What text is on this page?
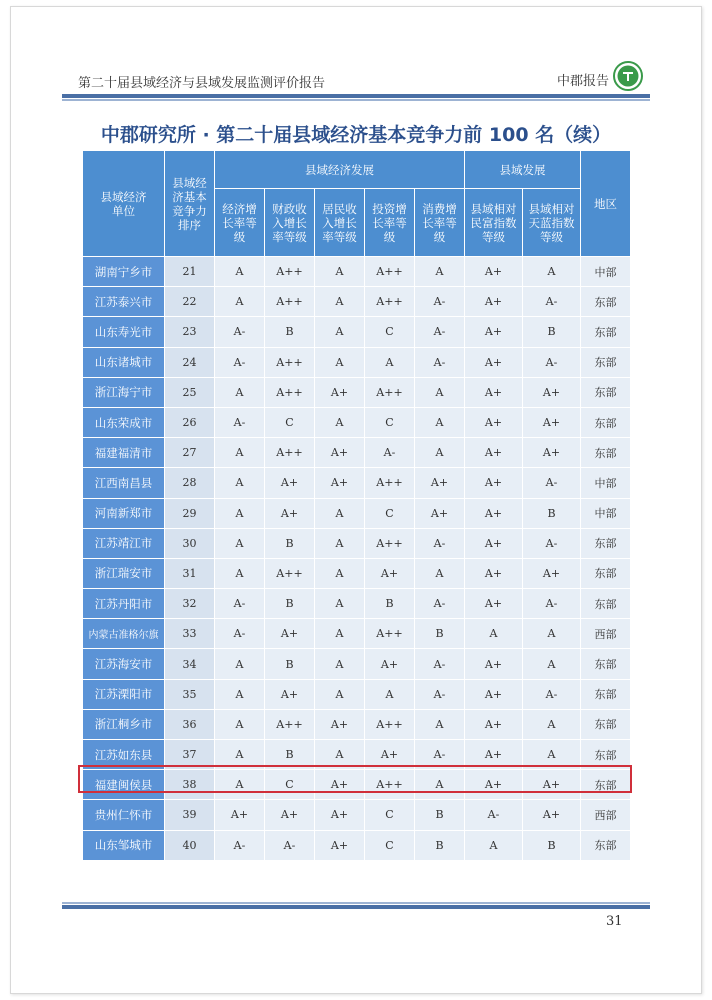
第二十届县域经济与县域发展监测评价报告	中郡报告
中郡研究所 · 第二十届县域经济基本竞争力前 100 名（续）
县域经济单位	县域经济基本竞争力排序	县域经济发展					县域发展		地区
		经济增长率等级	财政收入增长率等级	居民收入增长率等级	投资增长率等级	消费增长率等级	县域相对民富指数等级	县域相对天蓝指数等级	
湖南宁乡市	21	A	A++	A	A++	A	A+	A	中部
江苏泰兴市	22	A	A++	A	A++	A-	A+	A-	东部
山东寿光市	23	A-	B	A	C	A-	A+	B	东部
山东诸城市	24	A-	A++	A	A	A-	A+	A-	东部
浙江海宁市	25	A	A++	A+	A++	A	A+	A+	东部
山东荣成市	26	A-	C	A	C	A	A+	A+	东部
福建福清市	27	A	A++	A+	A-	A	A+	A+	东部
江西南昌县	28	A	A+	A+	A++	A+	A+	A-	中部
河南新郑市	29	A	A+	A	C	A+	A+	B	中部
江苏靖江市	30	A	B	A	A++	A-	A+	A-	东部
浙江瑞安市	31	A	A++	A	A+	A	A+	A+	东部
江苏丹阳市	32	A-	B	A	B	A-	A+	A-	东部
内蒙古准格尔旗	33	A-	A+	A	A++	B	A	A	西部
江苏海安市	34	A	B	A	A+	A-	A+	A	东部
江苏溧阳市	35	A	A+	A	A	A-	A+	A-	东部
浙江桐乡市	36	A	A++	A+	A++	A	A+	A	东部
江苏如东县	37	A	B	A	A+	A-	A+	A	东部
福建闽侯县	38	A	C	A+	A++	A	A+	A+	东部
贵州仁怀市	39	A+	A+	A+	C	B	A-	A+	西部
山东邹城市	40	A-	A-	A+	C	B	A	B	东部
31
